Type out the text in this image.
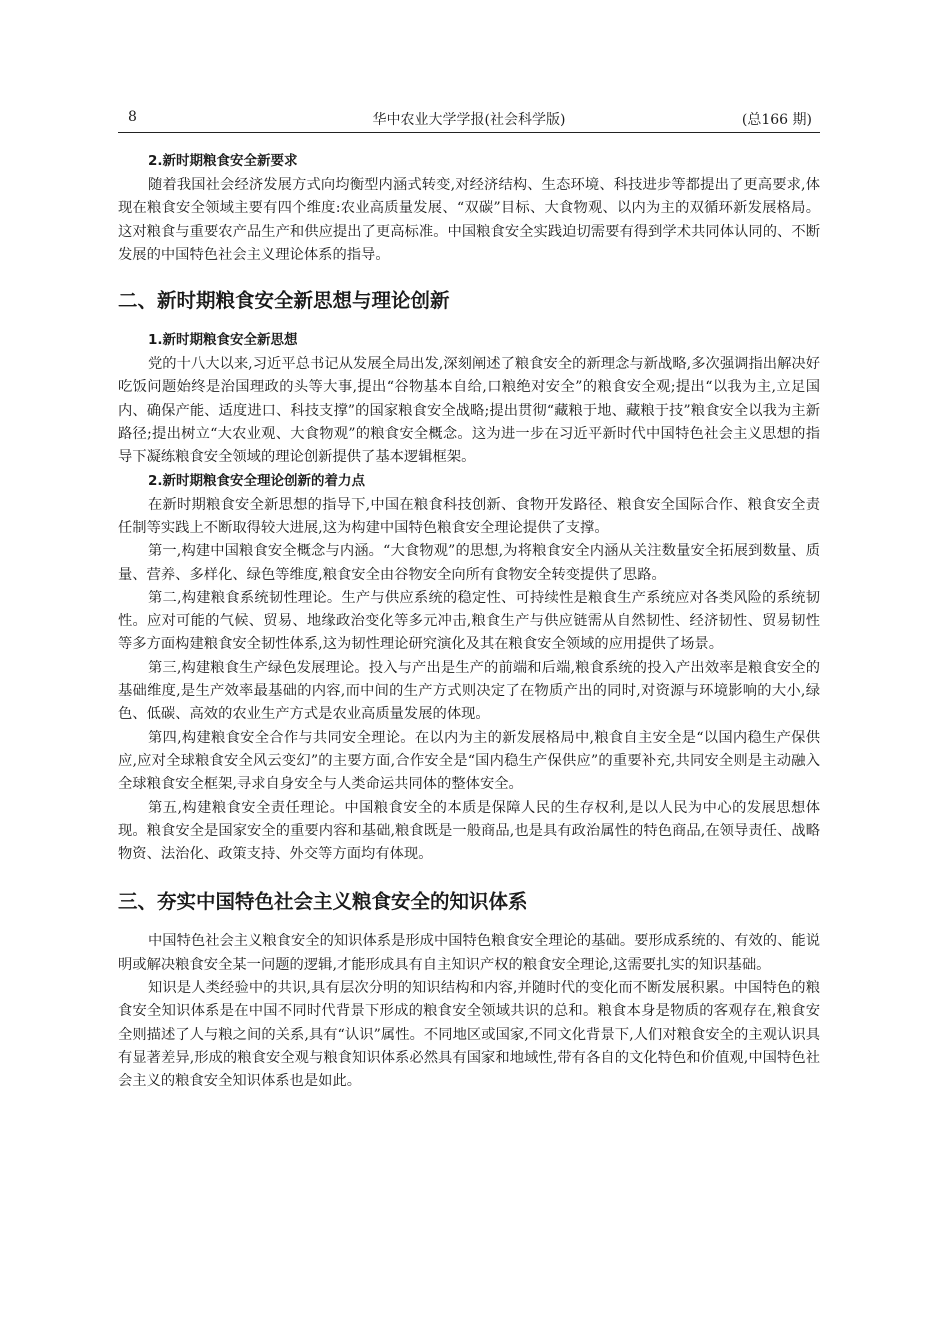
8	华中农业大学学报(社会科学版)	(总166 期)
2.新时期粮食安全新要求

随着我国社会经济发展方式向均衡型内涵式转变,对经济结构、生态环境、科技进步等都提出了更高要求,体现在粮食安全领域主要有四个维度:农业高质量发展、“双碳”目标、大食物观、以内为主的双循环新发展格局。这对粮食与重要农产品生产和供应提出了更高标准。中国粮食安全实践迫切需要有得到学术共同体认同的、不断发展的中国特色社会主义理论体系的指导。

二、新时期粮食安全新思想与理论创新
1.新时期粮食安全新思想

党的十八大以来,习近平总书记从发展全局出发,深刻阐述了粮食安全的新理念与新战略,多次强调指出解决好吃饭问题始终是治国理政的头等大事,提出“谷物基本自给,口粮绝对安全”的粮食安全观;提出“以我为主,立足国内、确保产能、适度进口、科技支撑”的国家粮食安全战略;提出贯彻“藏粮于地、藏粮于技”粮食安全以我为主新路径;提出树立“大农业观、大食物观”的粮食安全概念。这为进一步在习近平新时代中国特色社会主义思想的指导下凝练粮食安全领域的理论创新提供了基本逻辑框架。

2.新时期粮食安全理论创新的着力点

在新时期粮食安全新思想的指导下,中国在粮食科技创新、食物开发路径、粮食安全国际合作、粮食安全责任制等实践上不断取得较大进展,这为构建中国特色粮食安全理论提供了支撑。

第一,构建中国粮食安全概念与内涵。“大食物观”的思想,为将粮食安全内涵从关注数量安全拓展到数量、质量、营养、多样化、绿色等维度,粮食安全由谷物安全向所有食物安全转变提供了思路。

第二,构建粮食系统韧性理论。生产与供应系统的稳定性、可持续性是粮食生产系统应对各类风险的系统韧性。应对可能的气候、贸易、地缘政治变化等多元冲击,粮食生产与供应链需从自然韧性、经济韧性、贸易韧性等多方面构建粮食安全韧性体系,这为韧性理论研究演化及其在粮食安全领域的应用提供了场景。

第三,构建粮食生产绿色发展理论。投入与产出是生产的前端和后端,粮食系统的投入产出效率是粮食安全的基础维度,是生产效率最基础的内容,而中间的生产方式则决定了在物质产出的同时,对资源与环境影响的大小,绿色、低碳、高效的农业生产方式是农业高质量发展的体现。

第四,构建粮食安全合作与共同安全理论。在以内为主的新发展格局中,粮食自主安全是“以国内稳生产保供应,应对全球粮食安全风云变幻”的主要方面,合作安全是“国内稳生产保供应”的重要补充,共同安全则是主动融入全球粮食安全框架,寻求自身安全与人类命运共同体的整体安全。

第五,构建粮食安全责任理论。中国粮食安全的本质是保障人民的生存权利,是以人民为中心的发展思想体现。粮食安全是国家安全的重要内容和基础,粮食既是一般商品,也是具有政治属性的特色商品,在领导责任、战略物资、法治化、政策支持、外交等方面均有体现。

三、夯实中国特色社会主义粮食安全的知识体系

中国特色社会主义粮食安全的知识体系是形成中国特色粮食安全理论的基础。要形成系统的、有效的、能说明或解决粮食安全某一问题的逻辑,才能形成具有自主知识产权的粮食安全理论,这需要扎实的知识基础。

知识是人类经验中的共识,具有层次分明的知识结构和内容,并随时代的变化而不断发展积累。中国特色的粮食安全知识体系是在中国不同时代背景下形成的粮食安全领域共识的总和。粮食本身是物质的客观存在,粮食安全则描述了人与粮之间的关系,具有“认识”属性。不同地区或国家,不同文化背景下,人们对粮食安全的主观认识具有显著差异,形成的粮食安全观与粮食知识体系必然具有国家和地域性,带有各自的文化特色和价值观,中国特色社会主义的粮食安全知识体系也是如此。
